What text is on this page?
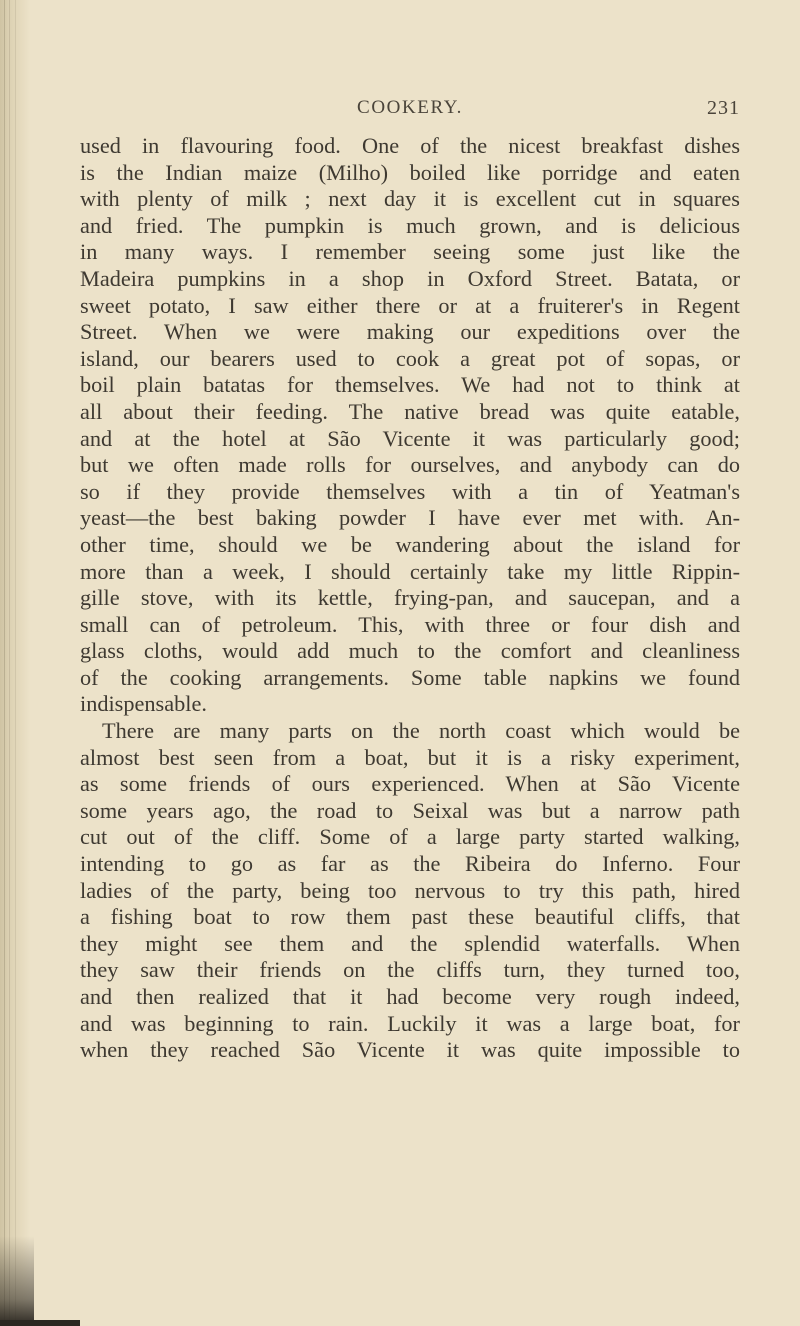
COOKERY.	231
used in flavouring food. One of the nicest breakfast dishes
is the Indian maize (Milho) boiled like porridge and eaten
with plenty of milk ; next day it is excellent cut in squares
and fried. The pumpkin is much grown, and is delicious
in many ways. I remember seeing some just like the
Madeira pumpkins in a shop in Oxford Street. Batata, or
sweet potato, I saw either there or at a fruiterer's in Regent
Street. When we were making our expeditions over the
island, our bearers used to cook a great pot of sopas, or
boil plain batatas for themselves. We had not to think at
all about their feeding. The native bread was quite eatable,
and at the hotel at São Vicente it was particularly good;
but we often made rolls for ourselves, and anybody can do
so if they provide themselves with a tin of Yeatman's
yeast—the best baking powder I have ever met with. An-
other time, should we be wandering about the island for
more than a week, I should certainly take my little Rippin-
gille stove, with its kettle, frying-pan, and saucepan, and a
small can of petroleum. This, with three or four dish and
glass cloths, would add much to the comfort and cleanliness
of the cooking arrangements. Some table napkins we found
indispensable.
There are many parts on the north coast which would be
almost best seen from a boat, but it is a risky experiment,
as some friends of ours experienced. When at São Vicente
some years ago, the road to Seixal was but a narrow path
cut out of the cliff. Some of a large party started walking,
intending to go as far as the Ribeira do Inferno. Four
ladies of the party, being too nervous to try this path, hired
a fishing boat to row them past these beautiful cliffs, that
they might see them and the splendid waterfalls. When
they saw their friends on the cliffs turn, they turned too,
and then realized that it had become very rough indeed,
and was beginning to rain. Luckily it was a large boat, for
when they reached São Vicente it was quite impossible to
